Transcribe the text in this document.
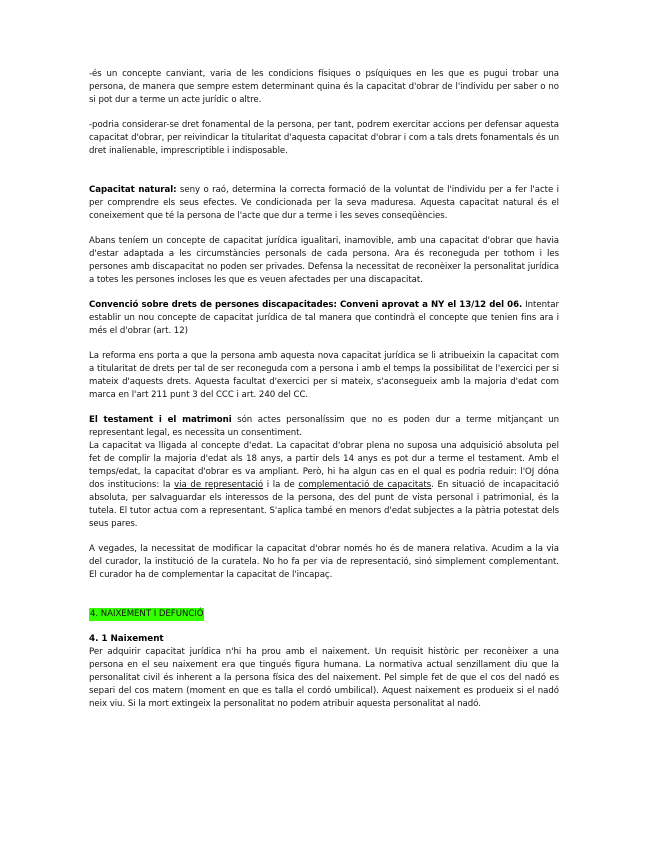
-és un concepte canviant, varia de les condicions físiques o psíquiques en les que es pugui trobar una persona, de manera que sempre estem determinant quina és la capacitat d'obrar de l'individu per saber o no si pot dur a terme un acte jurídic o altre.

-podria considerar-se dret fonamental de la persona, per tant, podrem exercitar accions per defensar aquesta capacitat d'obrar, per reivindicar la titularitat d'aquesta capacitat d'obrar i com a tals drets fonamentals és un dret inalienable, imprescriptible i indisposable.

Capacitat natural: seny o raó, determina la correcta formació de la voluntat de l'individu per a fer l'acte i per comprendre els seus efectes. Ve condicionada per la seva maduresa. Aquesta capacitat natural és el coneixement que té la persona de l'acte que dur a terme i les seves conseqüències.

Abans teníem un concepte de capacitat jurídica igualitari, inamovible, amb una capacitat d'obrar que havia d'estar adaptada a les circumstàncies personals de cada persona. Ara és reconeguda per tothom i les persones amb discapacitat no poden ser privades. Defensa la necessitat de reconèixer la personalitat jurídica a totes les persones incloses les que es veuen afectades per una discapacitat.

Convenció sobre drets de persones discapacitades: Conveni aprovat a NY el 13/12 del 06. Intentar establir un nou concepte de capacitat jurídica de tal manera que contindrà el concepte que tenien fins ara i més el d'obrar (art. 12)

La reforma ens porta a que la persona amb aquesta nova capacitat jurídica se li atribueixin la capacitat com a titularitat de drets per tal de ser reconeguda com a persona i amb el temps la possibilitat de l'exercici per si mateix d'aquests drets. Aquesta facultat d'exercici per si mateix, s'aconsegueix amb la majoria d'edat com marca en l'art 211 punt 3 del CCC i art. 240 del CC.

El testament i el matrimoni són actes personalíssim que no es poden dur a terme mitjançant un representant legal, es necessita un consentiment.

La capacitat va lligada al concepte d'edat. La capacitat d'obrar plena no suposa una adquisició absoluta pel fet de complir la majoria d'edat als 18 anys, a partir dels 14 anys es pot dur a terme el testament. Amb el temps/edat, la capacitat d'obrar es va ampliant. Però, hi ha algun cas en el qual es podria reduir: l'OJ dóna dos institucions: la via de representació i la de complementació de capacitats. En situació de incapacitació absoluta, per salvaguardar els interessos de la persona, des del punt de vista personal i patrimonial, és la tutela. El tutor actua com a representant. S'aplica també en menors d'edat subjectes a la pàtria potestat dels seus pares.

A vegades, la necessitat de modificar la capacitat d'obrar només ho és de manera relativa. Acudim a la via del curador, la institució de la curatela. No ho fa per via de representació, sinó simplement complementant. El curador ha de complementar la capacitat de l'incapaç.

4. NAIXEMENT I DEFUNCIÓ

4. 1 Naixement

Per adquirir capacitat jurídica n'hi ha prou amb el naixement. Un requisit històric per reconèixer a una persona en el seu naixement era que tingués figura humana. La normativa actual senzillament diu que la personalitat civil és inherent a la persona física des del naixement. Pel simple fet de que el cos del nadó es separi del cos matern (moment en que es talla el cordó umbilical). Aquest naixement es produeix si el nadó neix viu. Si la mort extingeix la personalitat no podem atribuir aquesta personalitat al nadó.
